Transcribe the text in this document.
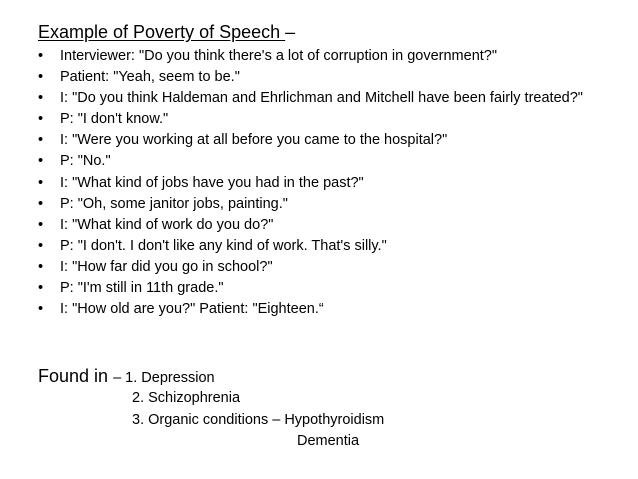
Example of Poverty of Speech –
•	Interviewer: "Do you think there's a lot of corruption in government?"
•	Patient: "Yeah, seem to be."
•	I: "Do you think Haldeman and Ehrlichman and Mitchell have been fairly treated?"
•	P: "I don't know."
•	I: "Were you working at all before you came to the hospital?"
•	P: "No."
•	I: "What kind of jobs have you had in the past?"
•	P: "Oh, some janitor jobs, painting."
•	I: "What kind of work do you do?"
•	P: "I don't. I don't like any kind of work. That's silly."
•	I: "How far did you go in school?"
•	P: "I'm still in 11th grade."
•	I: "How old are you?" Patient: "Eighteen.“
Found in – 1. Depression
2. Schizophrenia
3. Organic conditions – Hypothyroidism
Dementia
